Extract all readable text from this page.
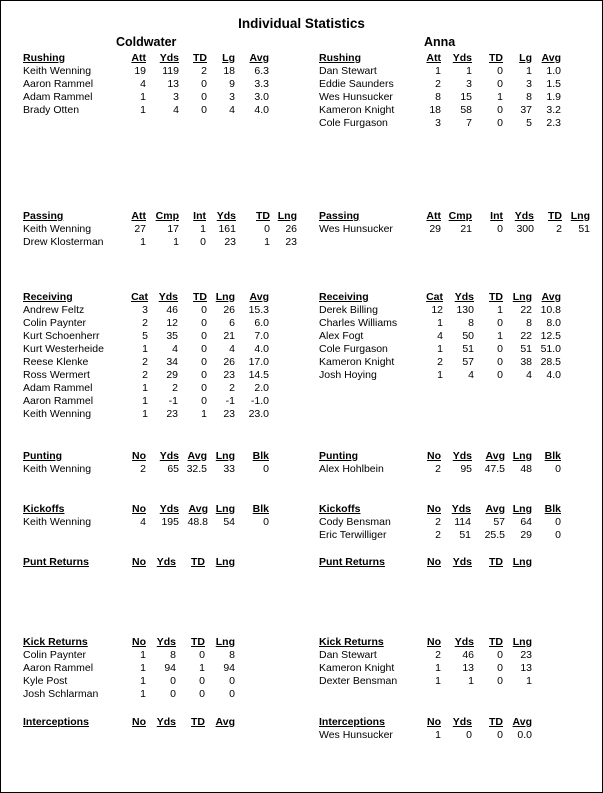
Individual Statistics
Coldwater	Anna
Rushing	Att Yds TD Lg Avg
Keith Wenning	19 119 2 18 6.3
Aaron Rammel	4 13 0 9 3.3
Adam Rammel	1	3 0 3 3.0
Brady Otten	1	4 0 4 4.0
Rushing	Att Yds TD Lg Avg
Dan Stewart	1 1 0 1 1.0
Eddie Saunders	2 3 0 3 1.5
Wes Hunsucker	8 15 1 8 1.9
Kameron Knight	18 58 0 37 3.2
Cole Furgason	3 7 0 5 2.3
Passing	Att Cmp Int Yds TD Lng
Keith Wenning	27 17 1 161	0 26
Drew Klosterman	1	1 0 23	1 23
Passing	Att Cmp Int Yds TD Lng
Wes Hunsucker	29 21 0 300 2 51
Receiving	Cat Yds TD Lng Avg
Andrew Feltz	3 46 0 26 15.3
Colin Paynter	2 12 0 6 6.0
Kurt Schoenherr	5 35 0 21 7.0
Kurt Westerheide	1 4 0 4 4.0
Reese Klenke	2 34 0 26 17.0
Ross Wermert	2 29 0 23 14.5
Adam Rammel	1 2 0 2 2.0
Aaron Rammel	1 -1 0 -1 -1.0
Keith Wenning	1 23 1 23 23.0
Receiving	Cat Yds TD Lng Avg
Derek Billing	12 130 1 22 10.8
Charles Williams	1 8 0 8 8.0
Alex Fogt	4 50 1 22 12.5
Cole Furgason	1 51 0 51 51.0
Kameron Knight	2 57 0 38 28.5
Josh Hoying	1 4 0 4 4.0
Punting	No Yds Avg Lng Blk
Keith Wenning	2 65 32.5 33	0
Punting	No Yds Avg Lng Blk
Alex Hohlbein	2 95 47.5 48 0
Kickoffs	No Yds Avg Lng Blk
Keith Wenning	4 195 48.8 54	0
Kickoffs	No Yds Avg Lng Blk
Cody Bensman	2 114 57 64 0
Eric Terwilliger	2 51 25.5 29 0
Punt Returns	No Yds TD Lng	Punt Returns	No Yds TD Lng
Kick Returns	No Yds TD Lng
Colin Paynter	1 8 0 8
Aaron Rammel	1 94 1 94
Kyle Post	1 0 0 0
Josh Schlarman	1 0 0 0
Kick Returns	No Yds TD Lng
Dan Stewart	2 46 0 23
Kameron Knight	1 13 0 13
Dexter Bensman	1	1 0 1
Interceptions	No Yds TD Avg	Interceptions	No Yds TD Avg
Wes Hunsucker	1 0 0 0.0
